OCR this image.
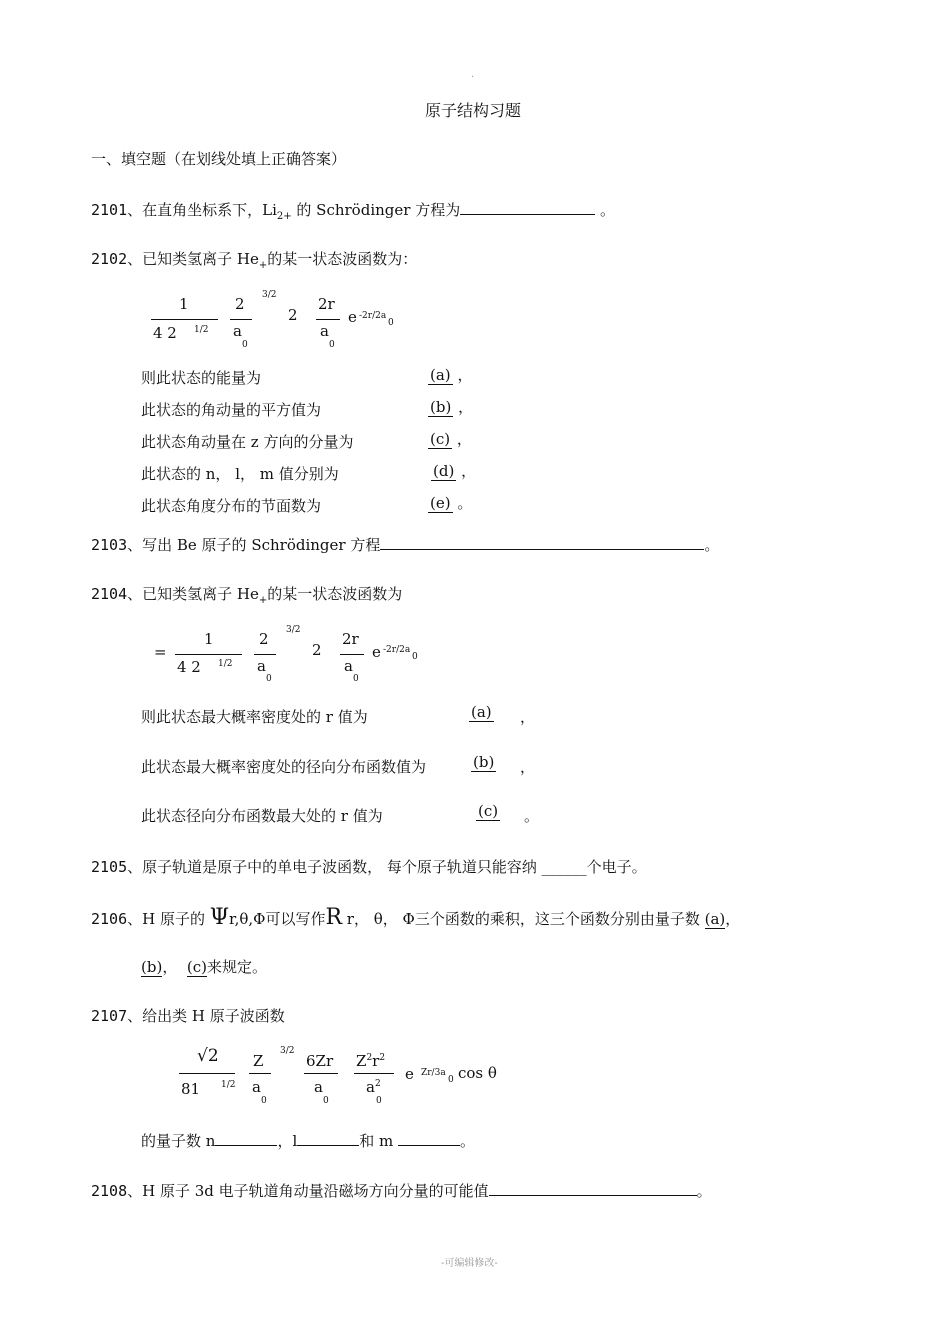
·
原子结构习题
一、填空题（在划线处填上正确答案）
2101、在直角坐标系下，$Li_{2+}$ 的 Schrödinger 方程为	。
2102、已知类氢离子 $He_+$的某一状态波函数为：
1
4 2 1/2
2
a
0
3/2
2
2r
a
0
e -2r/2a
0
则此状态的能量为	(a) ，
此状态的角动量的平方值为	(b) ，
此状态角动量在 z 方向的分量为	(c) ，
此状态的 n， l， m 值分别为	(d) ，
此状态角度分布的节面数为	(e) 。
2103、写出 Be 原子的 Schrödinger 方程	。
2104、已知类氢离子 $He_+$的某一状态波函数为
=
1
4 2 1/2
2
a
0
3/2
2
2r
a
0
e -2r/2a
0
则此状态最大概率密度处的 r 值为	(a) ，
此状态最大概率密度处的径向分布函数值为	(b) ，
此状态径向分布函数最大处的 r 值为	(c) 。
2105、原子轨道是原子中的单电子波函数， 每个原子轨道只能容纳 ______个电子。
2106、H 原子的 Ψr,θ,Φ可以写作R r， θ， Φ三个函数的乘积，这三个函数分别由量子数 (a)，
(b)， (c)来规定。
2107、给出类 H 原子波函数
√2
81 1/2
Z
a
0
3/2
6Zr
a
0
$Z^2r^2$
$a^2$
0
e Zr/3a
0 cos θ
的量子数 n	，l	和 m	。
2108、H 原子 3d 电子轨道角动量沿磁场方向分量的可能值	。
-可编辑修改-
